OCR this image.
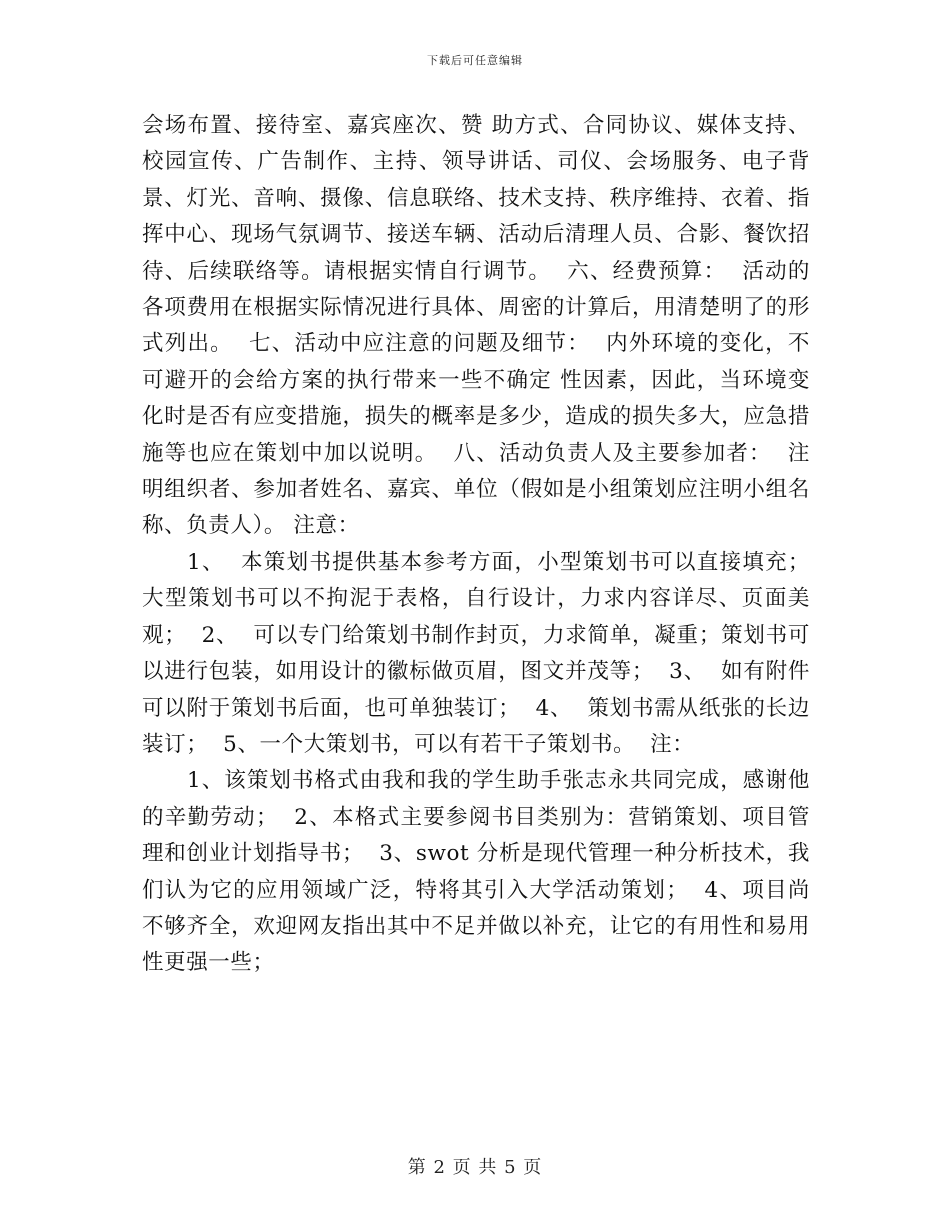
下载后可任意编辑

会场布置、接待室、嘉宾座次、赞 助方式、合同协议、媒体支持、校园宣传、广告制作、主持、领导讲话、司仪、会场服务、电子背景、灯光、音响、摄像、信息联络、技术支持、秩序维持、衣着、指挥中心、现场气氛调节、接送车辆、活动后清理人员、合影、餐饮招待、后续联络等。请根据实情自行调节。  六、经费预算：  活动的各项费用在根据实际情况进行具体、周密的计算后，用清楚明了的形式列出。  七、活动中应注意的问题及细节：  内外环境的变化，不可避开的会给方案的执行带来一些不确定 性因素，因此，当环境变化时是否有应变措施，损失的概率是多少，造成的损失多大，应急措施等也应在策划中加以说明。  八、活动负责人及主要参加者：  注明组织者、参加者姓名、嘉宾、单位（假如是小组策划应注明小组名称、负责人）。 注意：

1、  本策划书提供基本参考方面，小型策划书可以直接填充；大型策划书可以不拘泥于表格，自行设计，力求内容详尽、页面美观；  2、  可以专门给策划书制作封页，力求简单，凝重；策划书可以进行包装，如用设计的徽标做页眉，图文并茂等；  3、  如有附件可以附于策划书后面，也可单独装订；  4、  策划书需从纸张的长边装订；  5、一个大策划书，可以有若干子策划书。  注：

1、该策划书格式由我和我的学生助手张志永共同完成，感谢他的辛勤劳动；  2、本格式主要参阅书目类别为：营销策划、项目管理和创业计划指导书；  3、swot 分析是现代管理一种分析技术，我们认为它的应用领域广泛，特将其引入大学活动策划；  4、项目尚不够齐全，欢迎网友指出其中不足并做以补充，让它的有用性和易用性更强一些；

第 2 页 共 5 页
